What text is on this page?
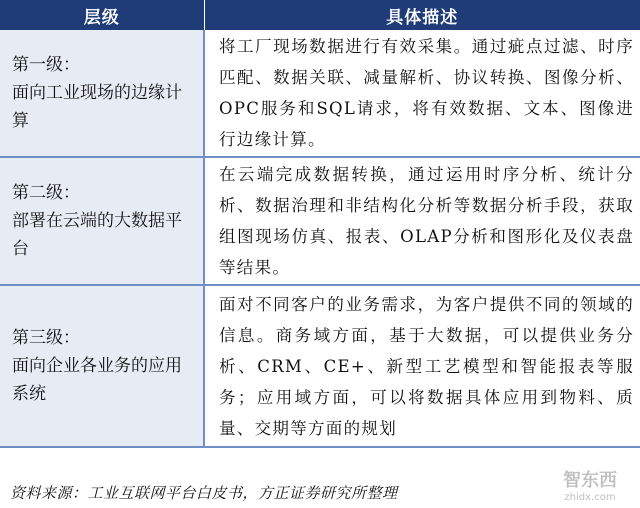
层级	具体描述

第一级：
面向工业现场的边缘计算	将工厂现场数据进行有效采集。通过疵点过滤、时序匹配、数据关联、减量解析、协议转换、图像分析、OPC服务和SQL请求，将有效数据、文本、图像进行边缘计算。

第二级：
部署在云端的大数据平台	在云端完成数据转换，通过运用时序分析、统计分析、数据治理和非结构化分析等数据分析手段，获取组图现场仿真、报表、OLAP分析和图形化及仪表盘等结果。

第三级：
面向企业各业务的应用系统	面对不同客户的业务需求，为客户提供不同的领域的信息。商务域方面，基于大数据，可以提供业务分析、CRM、CE+、新型工艺模型和智能报表等服务；应用域方面，可以将数据具体应用到物料、质量、交期等方面的规划
资料来源：工业互联网平台白皮书，方正证券研究所整理
智东西
zhidx.com
